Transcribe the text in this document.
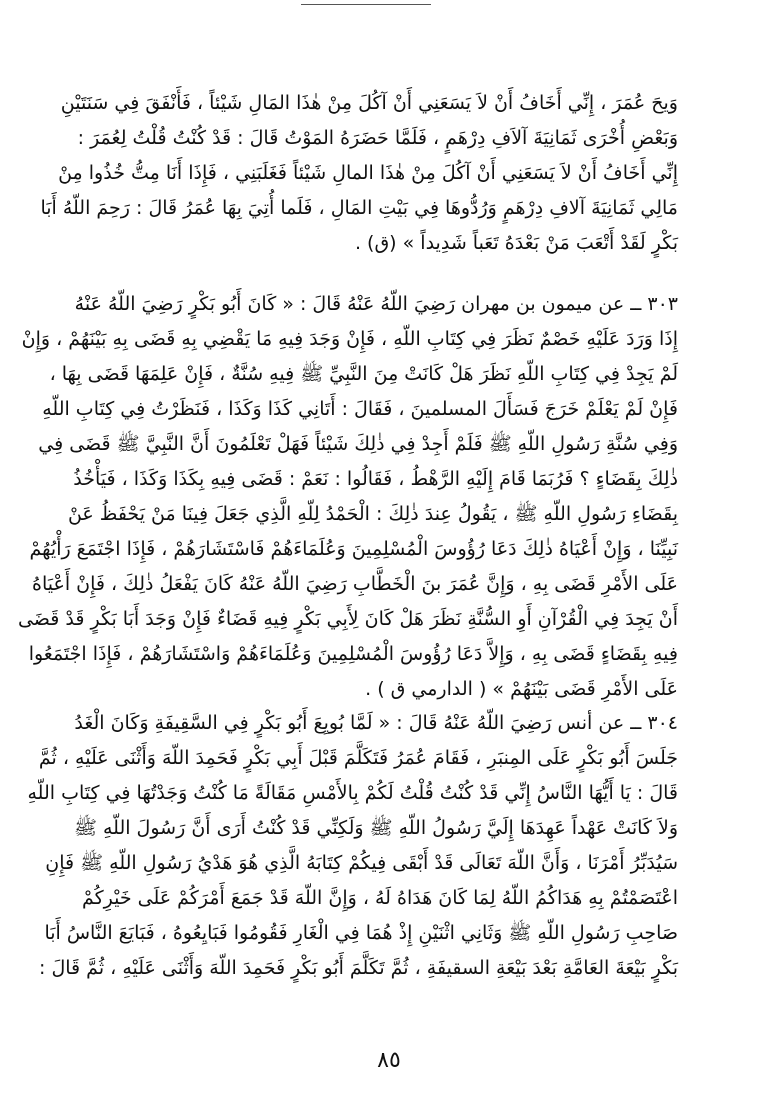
وَيحَ عُمَرَ ، إِنِّي أَخَافُ أَنْ لاَ يَسَعَنِي أَنْ آكُلَ مِنْ هٰذَا المَالِ شَيْئاً ، فَأَنْفَقَ فِي سَنَتَيْنِ
وَبَعْضِ أُخْرَى ثَمَانِيَةَ آلاَفِ دِرْهَمٍ ، فَلَمَّا حَضَرَهُ المَوْتُ قَالَ : قَدْ كُنْتُ قُلْتُ لِعُمَرَ :
إِنِّي أَخَافُ أَنْ لاَ يَسَعَنِي أَنْ آكُلَ مِنْ هٰذَا المالِ شَيْئاً فَغَلَبَنِي ، فَإِذَا أَنَا مِتُّ خُذُوا مِنْ
مَالِي ثَمَانِيَةَ آلافِ دِرْهَمٍ وَرُدُّوهَا فِي بَيْتِ المَالِ ، فَلَما أُتِيَ بِهَا عُمَرُ قَالَ : رَحِمَ اللّهُ أَبَا
بَكْرٍ لَقَدْ أَتْعَبَ مَنْ بَعْدَهُ تَعَباً شَدِيداً » (ق) .
٣٠٣ ــ عن ميمون بن مهران رَضِيَ اللّهُ عَنْهُ قَالَ : « كَانَ أَبُو بَكْرٍ رَضِيَ اللّهُ عَنْهُ
إِذَا وَرَدَ عَلَيْهِ خَصْمٌ نَظَرَ فِي كِتَابِ اللّهِ ، فَإِنْ وَجَدَ فِيهِ مَا يَقْضِي بِهِ قَضَى بِهِ بَيْنَهُمْ ، وَإِنْ
لَمْ يَجِدْ فِي كِتَابِ اللّهِ نَظَرَ هَلْ كَانَتْ مِنَ النَّبِيِّ ﷺ فِيهِ سُنَّةٌ ، فَإِنْ عَلِمَهَا قَضَى بِهَا ،
فَإِنْ لَمْ يَعْلَمْ خَرَجَ فَسَأَلَ المسلمينَ ، فَقَالَ : أَتَانِي كَذَا وَكَذَا ، فَنَظَرْتُ فِي كِتَابِ اللّهِ
وَفِي سُنَّةِ رَسُولِ اللّهِ ﷺ فَلَمْ أَجِدْ فِي ذٰلِكَ شَيْئاً فَهَلْ تَعْلَمُونَ أَنَّ النَّبِيَّ ﷺ قَضَى فِي
ذٰلِكَ بِقَضَاءٍ ؟ فَرُبَمَا قَامَ إِلَيْهِ الرَّهْطُ ، فَقَالُوا : نَعَمْ : قَضَى فِيهِ بِكَذَا وَكَذَا ، فَيَأْخُذُ
بِقَضَاءِ رَسُولِ اللّهِ ﷺ ، يَقُولُ عِندَ ذٰلِكَ : الْحَمْدُ لِلّهِ الَّذِي جَعَلَ فِينَا مَنْ يَحْفَظُ عَنْ
نَبِيِّنَا ، وَإِنْ أَعْيَاهُ ذٰلِكَ دَعَا رُؤُوسَ الْمُسْلِمِينَ وَعُلَمَاءَهُمْ فَاسْتَشَارَهُمْ ، فَإِذَا اجْتَمَعَ رَأْيُهُمْ
عَلَى الأَمْرِ قَضَى بِهِ ، وَإِنَّ عُمَرَ بنَ الْخَطَّابِ رَضِيَ اللّهُ عَنْهُ كَانَ يَفْعَلُ ذٰلِكَ ، فَإِنْ أَعْيَاهُ
أَنْ يَجِدَ فِي الْقُرْآنِ أَوِ السُّنَّةِ نَظَرَ هَلْ كَانَ لِأَبِي بَكْرٍ فِيهِ قَضَاءٌ فَإِنْ وَجَدَ أَبَا بَكْرٍ قَدْ قَضَى
فِيهِ بِقَضَاءٍ قَضَى بِهِ ، وَإِلاَّ دَعَا رُؤُوسَ الْمُسْلِمِينَ وَعُلَمَاءَهُمْ وَاسْتَشَارَهُمْ ، فَإِذَا اجْتَمَعُوا
عَلَى الأَمْرِ قَضَى بَيْنَهُمْ » ( الدارمي ق ) .
٣٠٤ ــ عن أنس رَضِيَ اللّهُ عَنْهُ قَالَ : « لَمَّا بُويِعَ أَبُو بَكْرٍ فِي السَّقِيفَةِ وَكَانَ الْغَدُ
جَلَسَ أَبُو بَكْرٍ عَلَى المِنبَرِ ، فَقَامَ عُمَرُ فَتَكَلَّمَ قَبْلَ أَبِي بَكْرٍ فَحَمِدَ اللّهَ وَأَثْنَى عَلَيْهِ ، ثُمَّ
قَالَ : يَا أَيُّهَا النَّاسُ إِنِّي قَدْ كُنْتُ قُلْتُ لَكُمْ بِالأَمْسِ مَقَالَةً مَا كُنْتُ وَجَدْتُهَا فِي كِتَابِ اللّهِ
وَلاَ كَانَتْ عَهْداً عَهِدَهَا إِلَيَّ رَسُولُ اللّهِ ﷺ وَلَكِنِّي قَدْ كُنْتُ أَرَى أَنَّ رَسُولَ اللّهِ ﷺ
سَيُدَبِّرُ أَمْرَنَا ، وَأَنَّ اللّهَ تَعَالَى قَدْ أَبْقَى فِيكُمْ كِتَابَهُ الَّذِي هُوَ هَدْيُ رَسُولِ اللّهِ ﷺ فَإِنِ
اعْتَصَمْتُمْ بِهِ هَدَاكُمُ اللّهُ لِمَا كَانَ هَدَاهُ لَهُ ، وَإِنَّ اللّهَ قَدْ جَمَعَ أَمْرَكُمْ عَلَى خَيْرِكُمْ
صَاحِبِ رَسُولِ اللّهِ ﷺ وَثَانِي اثْنَيْنِ إِذْ هُمَا فِي الْغَارِ فَقُومُوا فَبَايِعُوهُ ، فَبَايَعَ النَّاسُ أَبَا
بَكْرٍ بَيْعَةَ العَامَّةِ بَعْدَ بَيْعَةِ السقيفَةِ ، ثُمَّ تَكَلَّمَ أَبُو بَكْرٍ فَحَمِدَ اللّهَ وَأَثْنَى عَلَيْهِ ، ثُمَّ قَالَ :
٨٥
